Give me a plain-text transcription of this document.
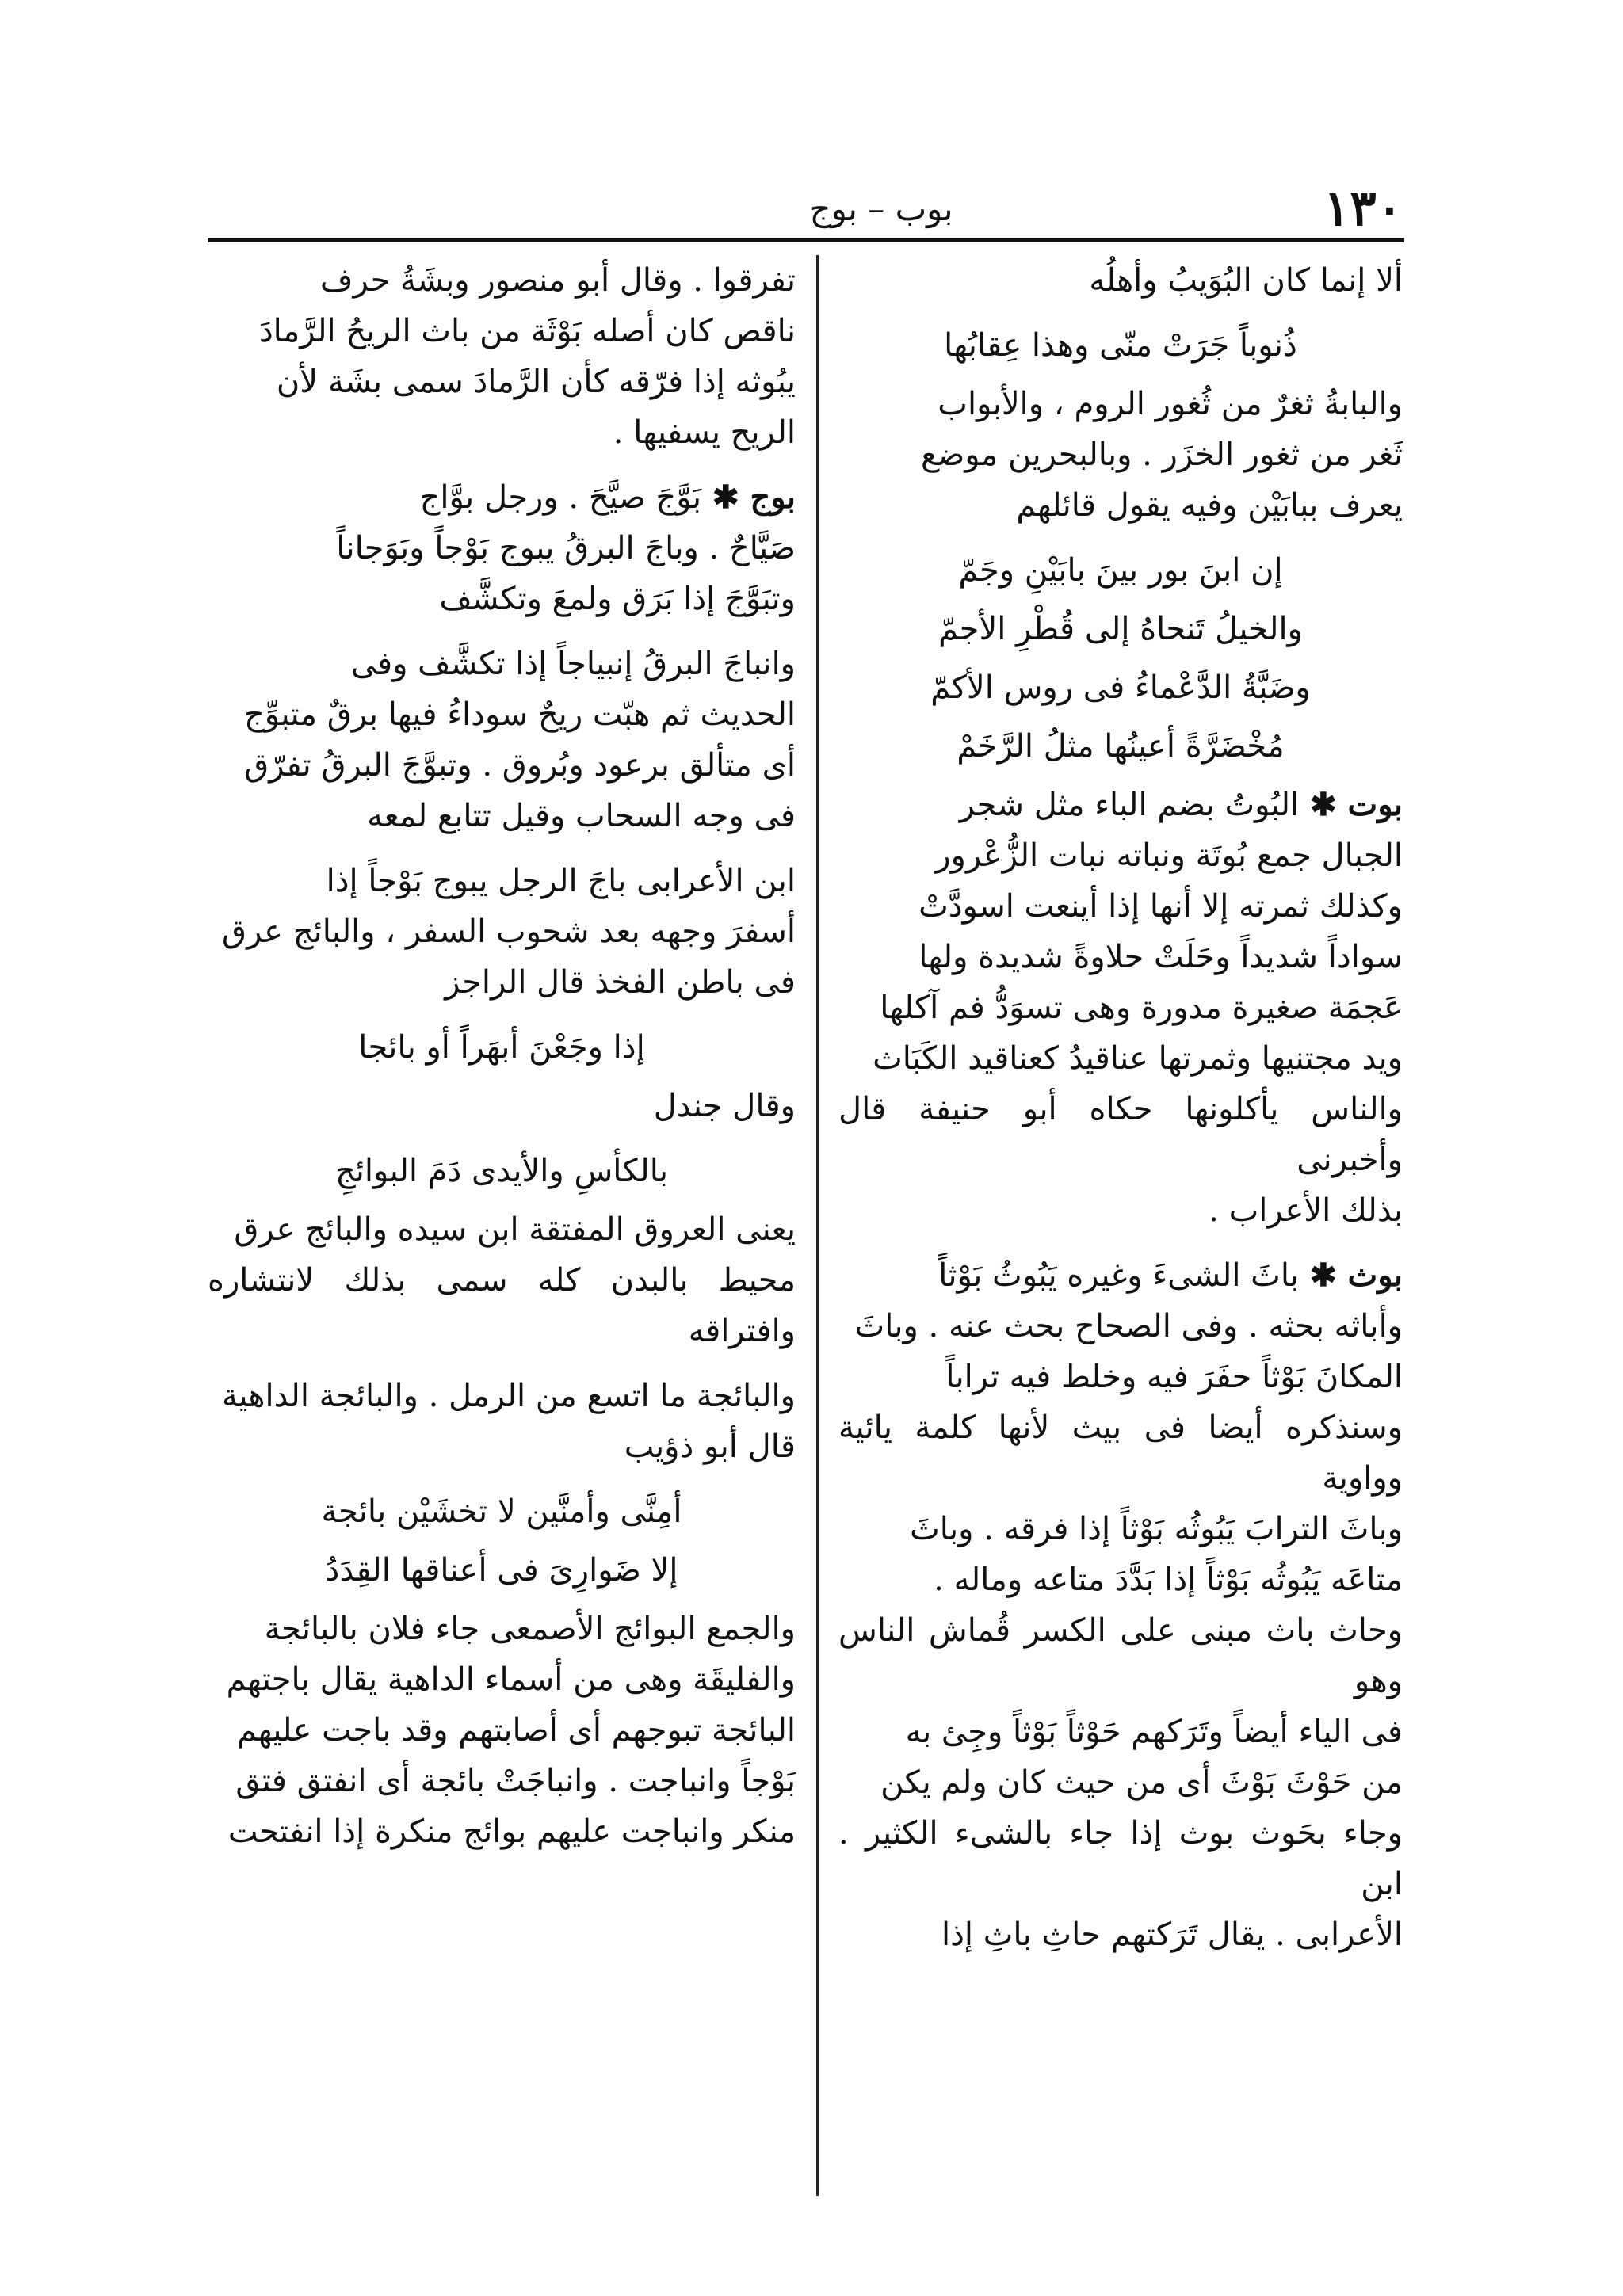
١٣٠
بوب – بوج
ألا إنما كان البُوَيبُ وأهلُه
ذُنوباً جَرَتْ منّى وهذا عِقابُها
والبابةُ ثغرٌ من ثُغور الروم ، والأبواب
ثَغر من ثغور الخزَر . وبالبحرين موضع
يعرف ببابَيْن وفيه يقول قائلهم
إن ابنَ بور بينَ بابَيْنِ وجَمّ
والخيلُ تَنحاهُ إلى قُطْرِ الأجمّ
وضَبَّةُ الدَّعْماءُ فى روس الأكمّ
مُخْضَرَّةً أعينُها مثلُ الرَّخَمْ
بوت ✱ البُوتُ بضم الباء مثل شجر
الجبال جمع بُوتَة ونباته نبات الزُّعْرور
وكذلك ثمرته إلا أنها إذا أينعت اسودَّتْ
سواداً شديداً وحَلَتْ حلاوةً شديدة ولها
عَجمَة صغيرة مدورة وهى تسوَدُّ فم آكلها
ويد مجتنيها وثمرتها عناقيدُ كعناقيد الكَبَاث
والناس يأكلونها حكاه أبو حنيفة قال وأخبرنى
بذلك الأعراب .
بوث ✱ باثَ الشىءَ وغيره يَبُوثُ بَوْثاً
وأباثه بحثه . وفى الصحاح بحث عنه . وباثَ
المكانَ بَوْثاً حفَرَ فيه وخلط فيه تراباً
وسنذكره أيضا فى بيث لأنها كلمة يائية وواوية
وباثَ الترابَ يَبُوثُه بَوْثاً إذا فرقه . وباثَ
متاعَه يَبُوثُه بَوْثاً إذا بَدَّدَ متاعه وماله .
وحاث باث مبنى على الكسر قُماش الناس وهو
فى الياء أيضاً وتَرَكهم حَوْثاً بَوْثاً وجِئ به
من حَوْثَ بَوْثَ أى من حيث كان ولم يكن
وجاء بحَوث بوث إذا جاء بالشىء الكثير . ابن
الأعرابى . يقال تَرَكتهم حاثِ باثِ إذا
تفرقوا . وقال أبو منصور وبشَةُ حرف
ناقص كان أصله بَوْثَة من باث الريحُ الرَّمادَ
يبُوثه إذا فرّقه كأن الرَّمادَ سمى بشَة لأن
الريح يسفيها .
بوج ✱ بَوَّجَ صيَّحَ . ورجل بوَّاج
صَيَّاحٌ . وباجَ البرقُ يبوج بَوْجاً وبَوَجاناً
وتبَوَّجَ إذا بَرَق ولمعَ وتكشَّف
وانباجَ البرقُ إنبياجاً إذا تكشَّف وفى
الحديث ثم هبّت ريحٌ سوداءُ فيها برقٌ متبوِّج
أى متألق برعود وبُروق . وتبوَّجَ البرقُ تفرّق
فى وجه السحاب وقيل تتابع لمعه
ابن الأعرابى باجَ الرجل يبوج بَوْجاً إذا
أسفرَ وجهه بعد شحوب السفر ، والبائج عرق
فى باطن الفخذ قال الراجز
إذا وجَعْنَ أبهَراً أو بائجا
وقال جندل
بالكأسِ والأيدى دَمَ البوائجِ
يعنى العروق المفتقة ابن سيده والبائج عرق
محيط بالبدن كله سمى بذلك لانتشاره وافتراقه
والبائجة ما اتسع من الرمل . والبائجة الداهية
قال أبو ذؤيب
أمِنَّى وأمنَّين لا تخشَيْن بائجة
إلا ضَوارِىَ فى أعناقها القِدَدُ
والجمع البوائج الأصمعى جاء فلان بالبائجة
والفليقَة وهى من أسماء الداهية يقال باجتهم
البائجة تبوجهم أى أصابتهم وقد باجت عليهم
بَوْجاً وانباجت . وانباجَتْ بائجة أى انفتق فتق
منكر وانباجت عليهم بوائج منكرة إذا انفتحت
